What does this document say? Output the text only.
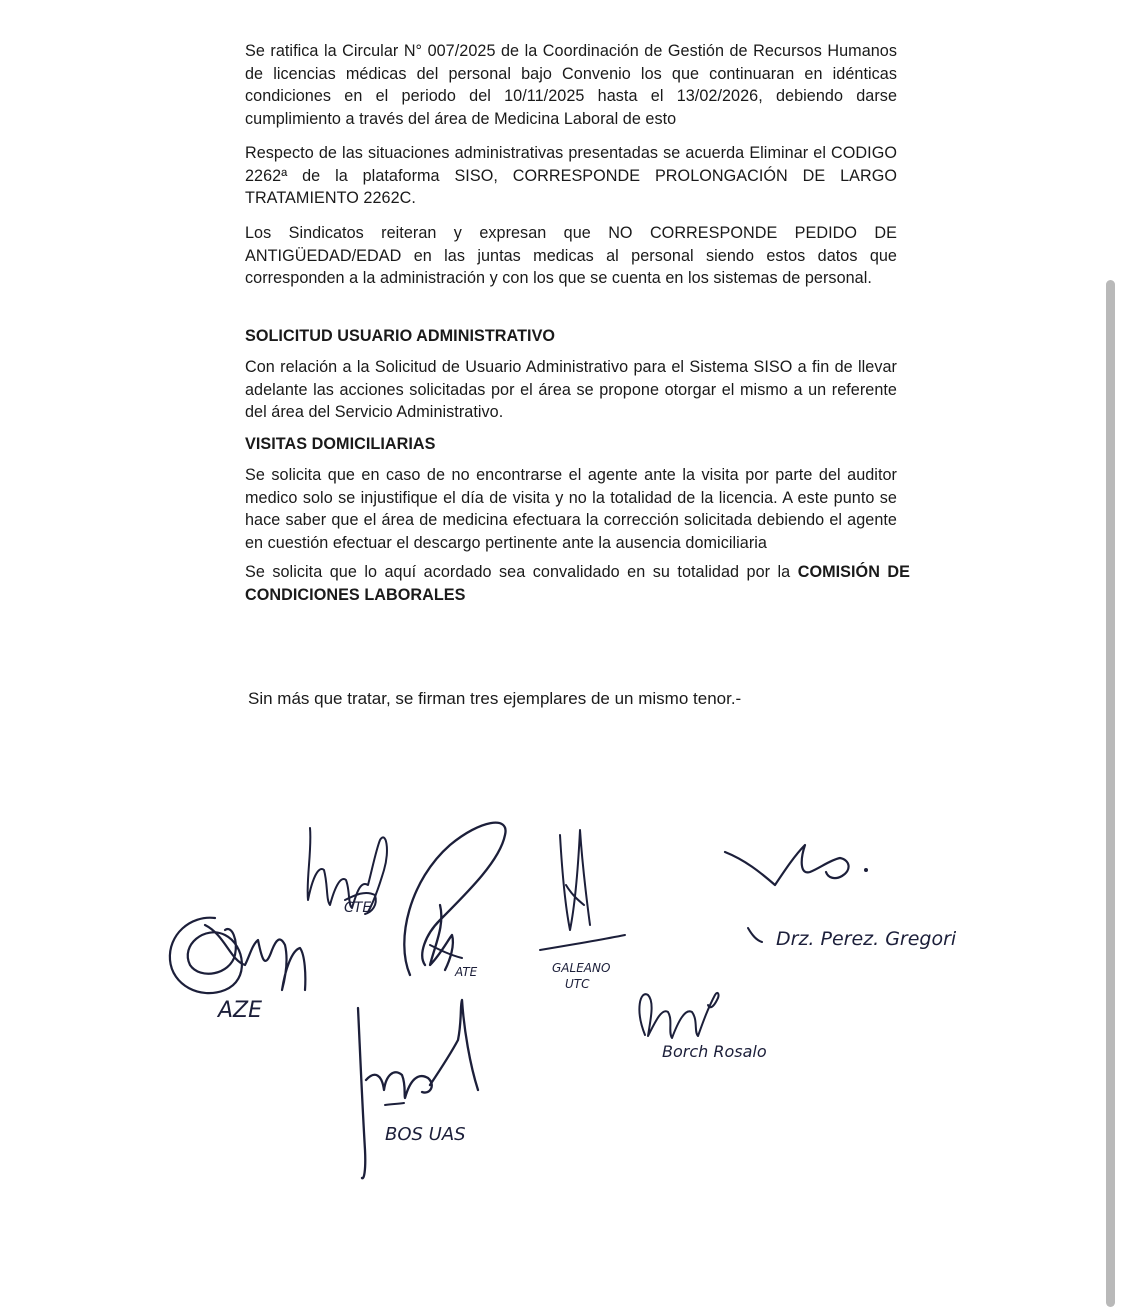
Se ratifica la Circular N° 007/2025 de la Coordinación de Gestión de Recursos Humanos de licencias médicas del personal bajo Convenio los que continuaran en idénticas condiciones en el periodo del 10/11/2025 hasta el 13/02/2026, debiendo darse cumplimiento a través del área de Medicina Laboral de esto
Respecto de las situaciones administrativas presentadas se acuerda Eliminar el CODIGO 2262ª de la plataforma SISO, CORRESPONDE PROLONGACIÓN DE LARGO TRATAMIENTO 2262C.
Los Sindicatos reiteran y expresan que NO CORRESPONDE PEDIDO DE ANTIGÜEDAD/EDAD en las juntas medicas al personal siendo estos datos que corresponden a la administración y con los que se cuenta en los sistemas de personal.
SOLICITUD USUARIO ADMINISTRATIVO
Con relación a la Solicitud de Usuario Administrativo para el Sistema SISO a fin de llevar adelante las acciones solicitadas por el área se propone otorgar el mismo a un referente del área del Servicio Administrativo.
VISITAS DOMICILIARIAS
Se solicita que en caso de no encontrarse el agente ante la visita por parte del auditor medico solo se injustifique el día de visita y no la totalidad de la licencia. A este punto se hace saber que el área de medicina efectuara la corrección solicitada debiendo el agente en cuestión efectuar el descargo pertinente ante la ausencia domiciliaria
Se solicita que lo aquí acordado sea convalidado en su totalidad por la COMISIÓN DE CONDICIONES LABORALES
Sin más que tratar, se firman tres ejemplares de un mismo tenor.-
AZE
CTE
ATE	GALEANO UTC
Drz. Perez. Gregori
Borch Rosalo
BOS UAS
